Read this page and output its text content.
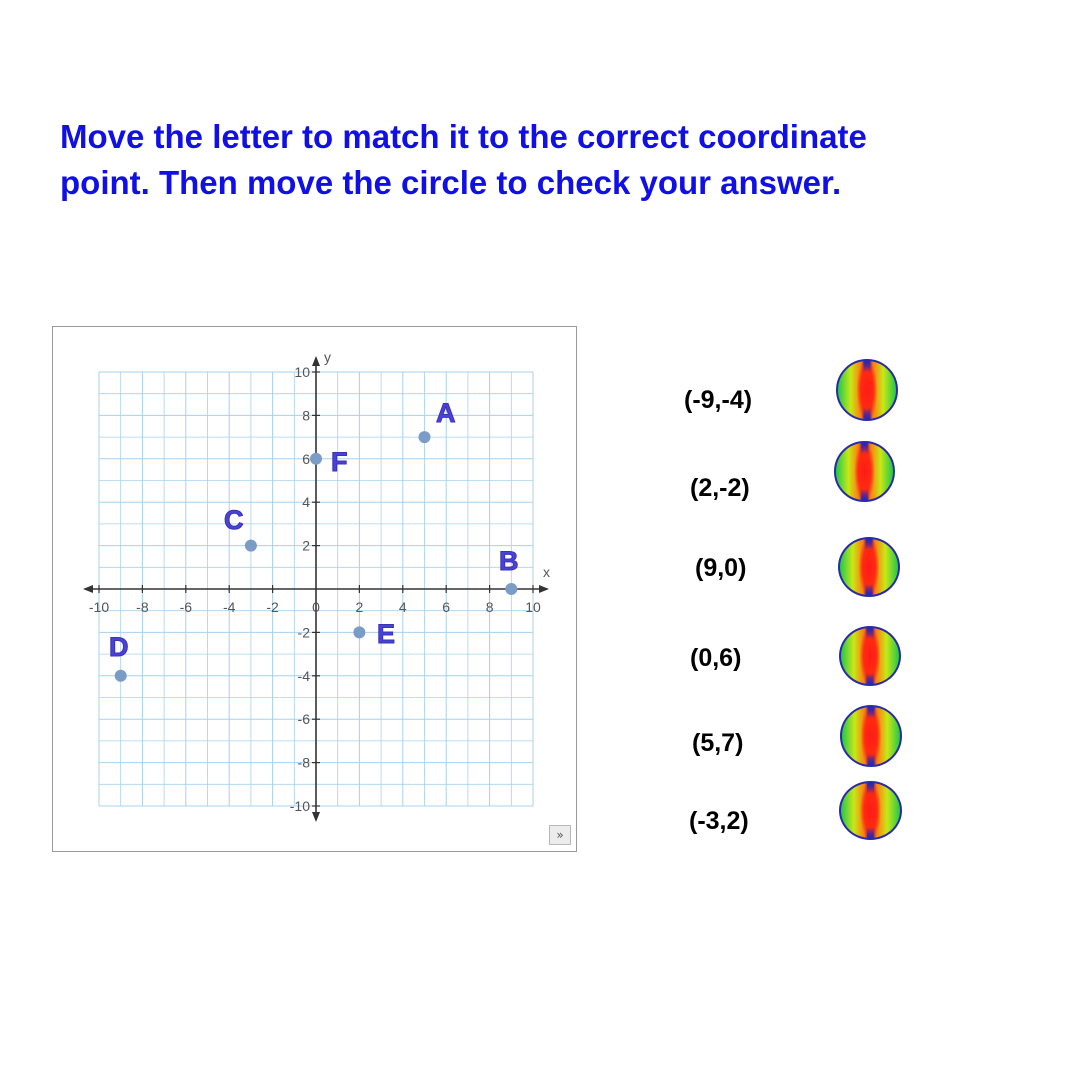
Move the letter to match it to the correct coordinate
point. Then move the circle to check your answer.
-10 -8 -6 -4 -2 0	2	4	6	8 10
10
8
6
4
2
-2
-4
-6
-8
-10
x
y
»
A
B
C
D	E
F
(-9,-4)
(2,-2)
(9,0)
(0,6)
(5,7)
(-3,2)
